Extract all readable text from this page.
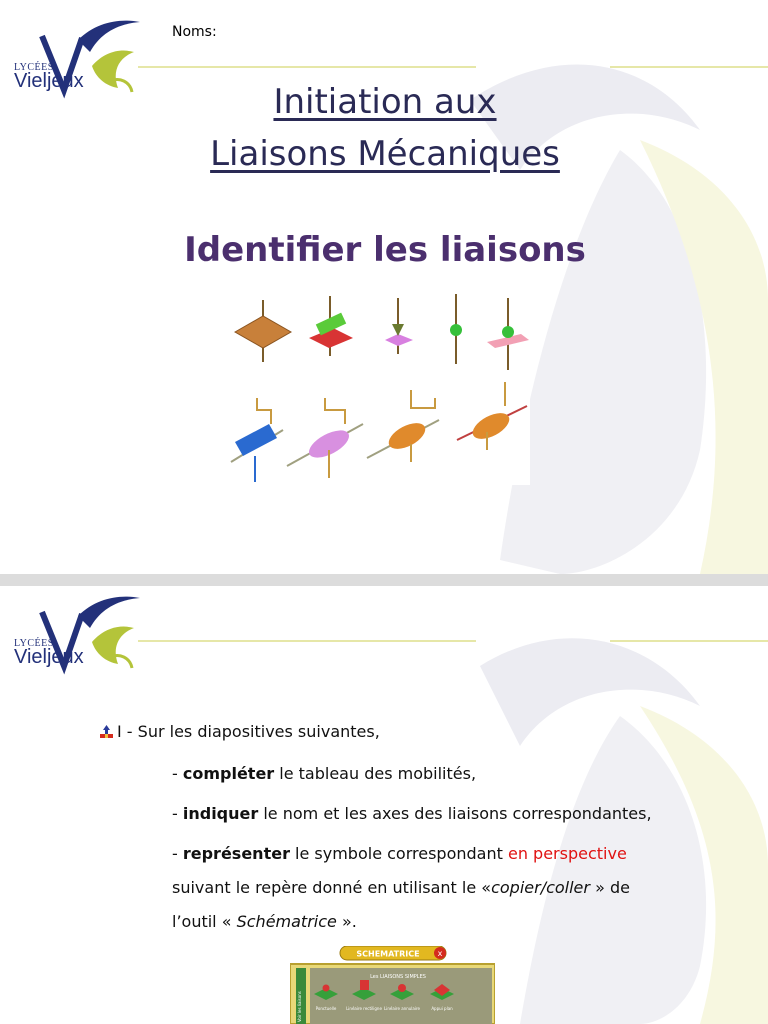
LYCÉES
Vieljeux
Noms:
Initiation aux
Liaisons Mécaniques
Identifier les liaisons
LYCÉES
Vieljeux
I - Sur les diapositives suivantes,
- compléter le tableau des mobilités,
- indiquer le nom et les axes des liaisons correspondantes,
- représenter le symbole correspondant en perspective
suivant le repère donné en utilisant le «copier/coller » de
l’outil « Schématrice ».
SCHEMATRICE x
Voir les liaisons
Les LIAISONS SIMPLES
Ponctuelle Linéaire rectiligne Linéaire annulaire	Appui plan
